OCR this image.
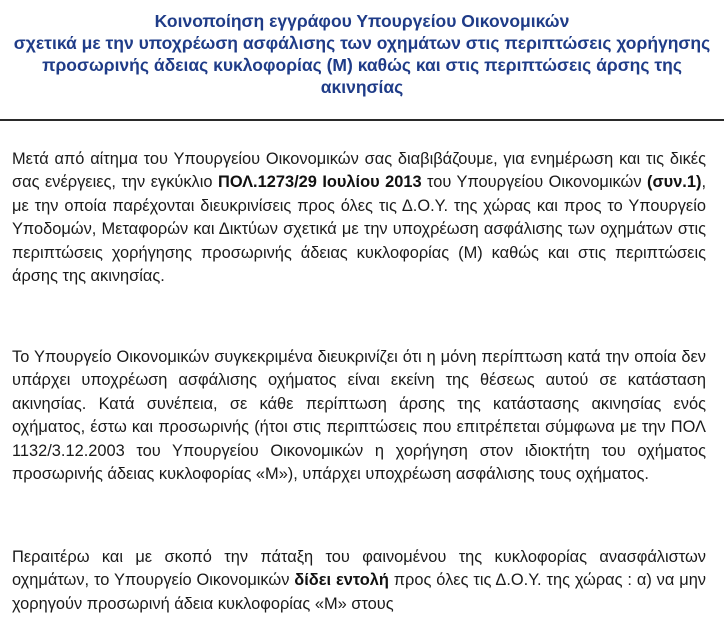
Κοινοποίηση εγγράφου Υπουργείου Οικονομικών
σχετικά με την υποχρέωση ασφάλισης των οχημάτων στις περιπτώσεις χορήγησης
προσωρινής άδειας κυκλοφορίας (Μ) καθώς και στις περιπτώσεις άρσης της
ακινησίας
Μετά από αίτημα του Υπουργείου Οικονομικών σας διαβιβάζουμε, για ενημέρωση και τις δικές σας ενέργειες, την εγκύκλιο ΠΟΛ.1273/29 Ιουλίου 2013 του Υπουργείου Οικονομικών (συν.1), με την οποία παρέχονται διευκρινίσεις προς όλες τις Δ.Ο.Υ. της χώρας και προς το Υπουργείο Υποδομών, Μεταφορών και Δικτύων σχετικά με την υποχρέωση ασφάλισης των οχημάτων στις περιπτώσεις χορήγησης προσωρινής άδειας κυκλοφορίας (Μ) καθώς και στις περιπτώσεις άρσης της ακινησίας.
Το Υπουργείο Οικονομικών συγκεκριμένα διευκρινίζει ότι η μόνη περίπτωση κατά την οποία δεν υπάρχει υποχρέωση ασφάλισης οχήματος είναι εκείνη της θέσεως αυτού σε κατάσταση ακινησίας. Κατά συνέπεια, σε κάθε περίπτωση άρσης της κατάστασης ακινησίας ενός οχήματος, έστω και προσωρινής (ήτοι στις περιπτώσεις που επιτρέπεται σύμφωνα με την ΠΟΛ 1132/3.12.2003 του Υπουργείου Οικονομικών η χορήγηση στον ιδιοκτήτη του οχήματος προσωρινής άδειας κυκλοφορίας «Μ»), υπάρχει υποχρέωση ασφάλισης τους οχήματος.
Περαιτέρω και με σκοπό την πάταξη του φαινομένου της κυκλοφορίας ανασφάλιστων οχημάτων, το Υπουργείο Οικονομικών δίδει εντολή προς όλες τις Δ.Ο.Υ. της χώρας : α) να μην χορηγούν προσωρινή άδεια κυκλοφορίας «Μ» στους
